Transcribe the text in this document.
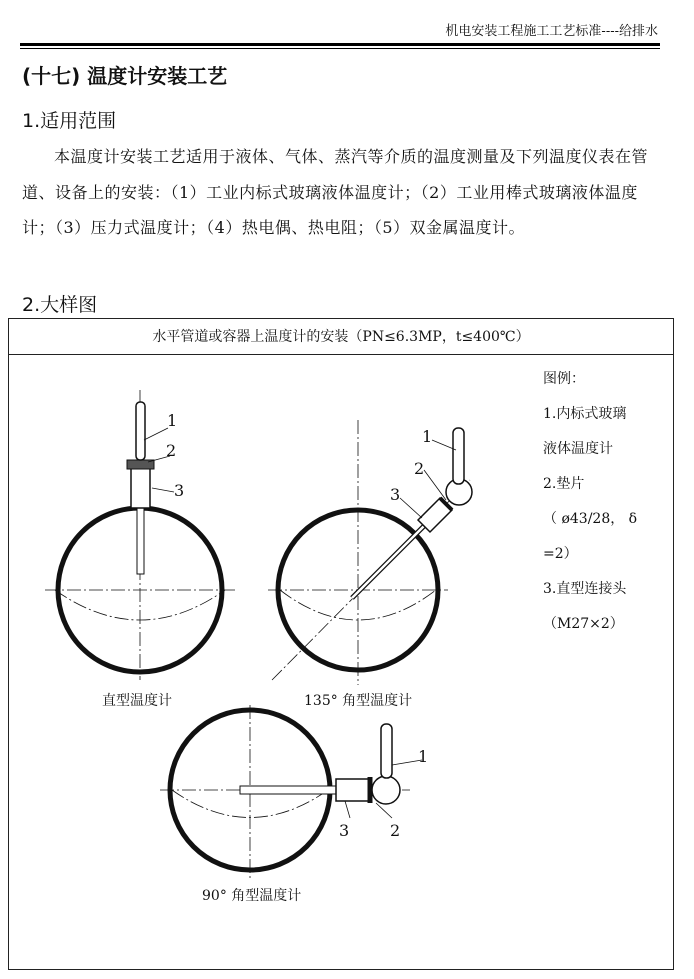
机电安装工程施工工艺标准----给排水
(十七) 温度计安装工艺
1.适用范围
本温度计安装工艺适用于液体、气体、蒸汽等介质的温度测量及下列温度仪表在管道、设备上的安装：（1）工业内标式玻璃液体温度计；（2）工业用棒式玻璃液体温度计；（3）压力式温度计；（4）热电偶、热电阻；（5）双金属温度计。
2.大样图
水平管道或容器上温度计的安装（PN≤6.3MP，t≤400℃）
图例：
1.内标式玻璃
液体温度计
2.垫片
（ ø43/28， δ
=2）
3.直型连接头
（M27×2）
1
2
3
1
2
3
1
3	2
直型温度计	135° 角型温度计
90° 角型温度计
